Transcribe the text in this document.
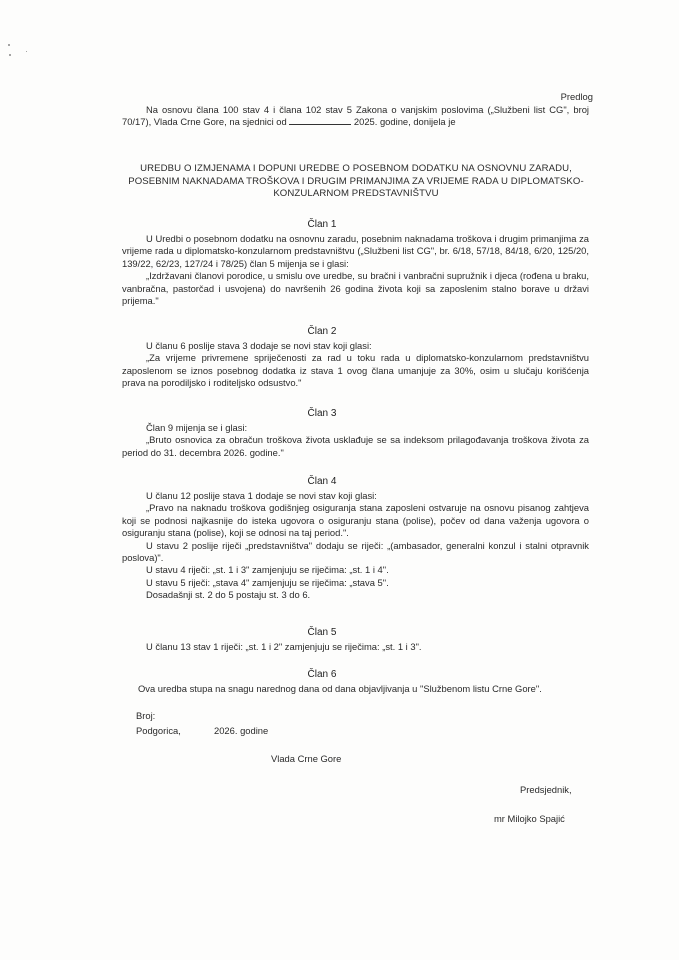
Predlog

Na osnovu člana 100 stav 4 i člana 102 stav 5 Zakona o vanjskim poslovima („Službeni list CG", broj 70/17), Vlada Crne Gore, na sjednici od	2025. godine, donijela je

UREDBU O IZMJENAMA I DOPUNI UREDBE O POSEBNOM DODATKU NA OSNOVNU ZARADU, POSEBNIM NAKNADAMA TROŠKOVA I DRUGIM PRIMANJIMA ZA VRIJEME RADA U DIPLOMATSKO-KONZULARNOM PREDSTAVNIŠTVU
Član 1

U Uredbi o posebnom dodatku na osnovnu zaradu, posebnim naknadama troškova i drugim primanjima za vrijeme rada u diplomatsko-konzularnom predstavništvu („Službeni list CG", br. 6/18, 57/18, 84/18, 6/20, 125/20, 139/22, 62/23, 127/24 i 78/25) član 5 mijenja se i glasi:

„Izdržavani članovi porodice, u smislu ove uredbe, su bračni i vanbračni supružnik i djeca (rođena u braku, vanbračna, pastorčad i usvojena) do navršenih 26 godina života koji sa zaposlenim stalno borave u državi prijema."

Član 2

U članu 6 poslije stava 3 dodaje se novi stav koji glasi:

„Za vrijeme privremene spriječenosti za rad u toku rada u diplomatsko-konzularnom predstavništvu zaposlenom se iznos posebnog dodatka iz stava 1 ovog člana umanjuje za 30%, osim u slučaju korišćenja prava na porodiljsko i roditeljsko odsustvo."

Član 3

Član 9 mijenja se i glasi:

„Bruto osnovica za obračun troškova života usklađuje se sa indeksom prilagođavanja troškova života za period do 31. decembra 2026. godine."

Član 4

U članu 12 poslije stava 1 dodaje se novi stav koji glasi:

„Pravo na naknadu troškova godišnjeg osiguranja stana zaposleni ostvaruje na osnovu pisanog zahtjeva koji se podnosi najkasnije do isteka ugovora o osiguranju stana (polise), počev od dana važenja ugovora o osiguranju stana (polise), koji se odnosi na taj period.".

U stavu 2 poslije riječi „predstavništva" dodaju se riječi: „(ambasador, generalni konzul i stalni otpravnik poslova)".

U stavu 4 riječi: „st. 1 i 3" zamjenjuju se riječima: „st. 1 i 4".

U stavu 5 riječi: „stava 4" zamjenjuju se riječima: „stava 5".

Dosadašnji st. 2 do 5 postaju st. 3 do 6.

Član 5

U članu 13 stav 1 riječi: „st. 1 i 2" zamjenjuju se riječima: „st. 1 i 3".

Član 6

Ova uredba stupa na snagu narednog dana od dana objavljivanja u "Službenom listu Crne Gore".

Broj:
Podgorica,	2026. godine
Vlada Crne Gore
Predsjednik,
mr Milojko Spajić
